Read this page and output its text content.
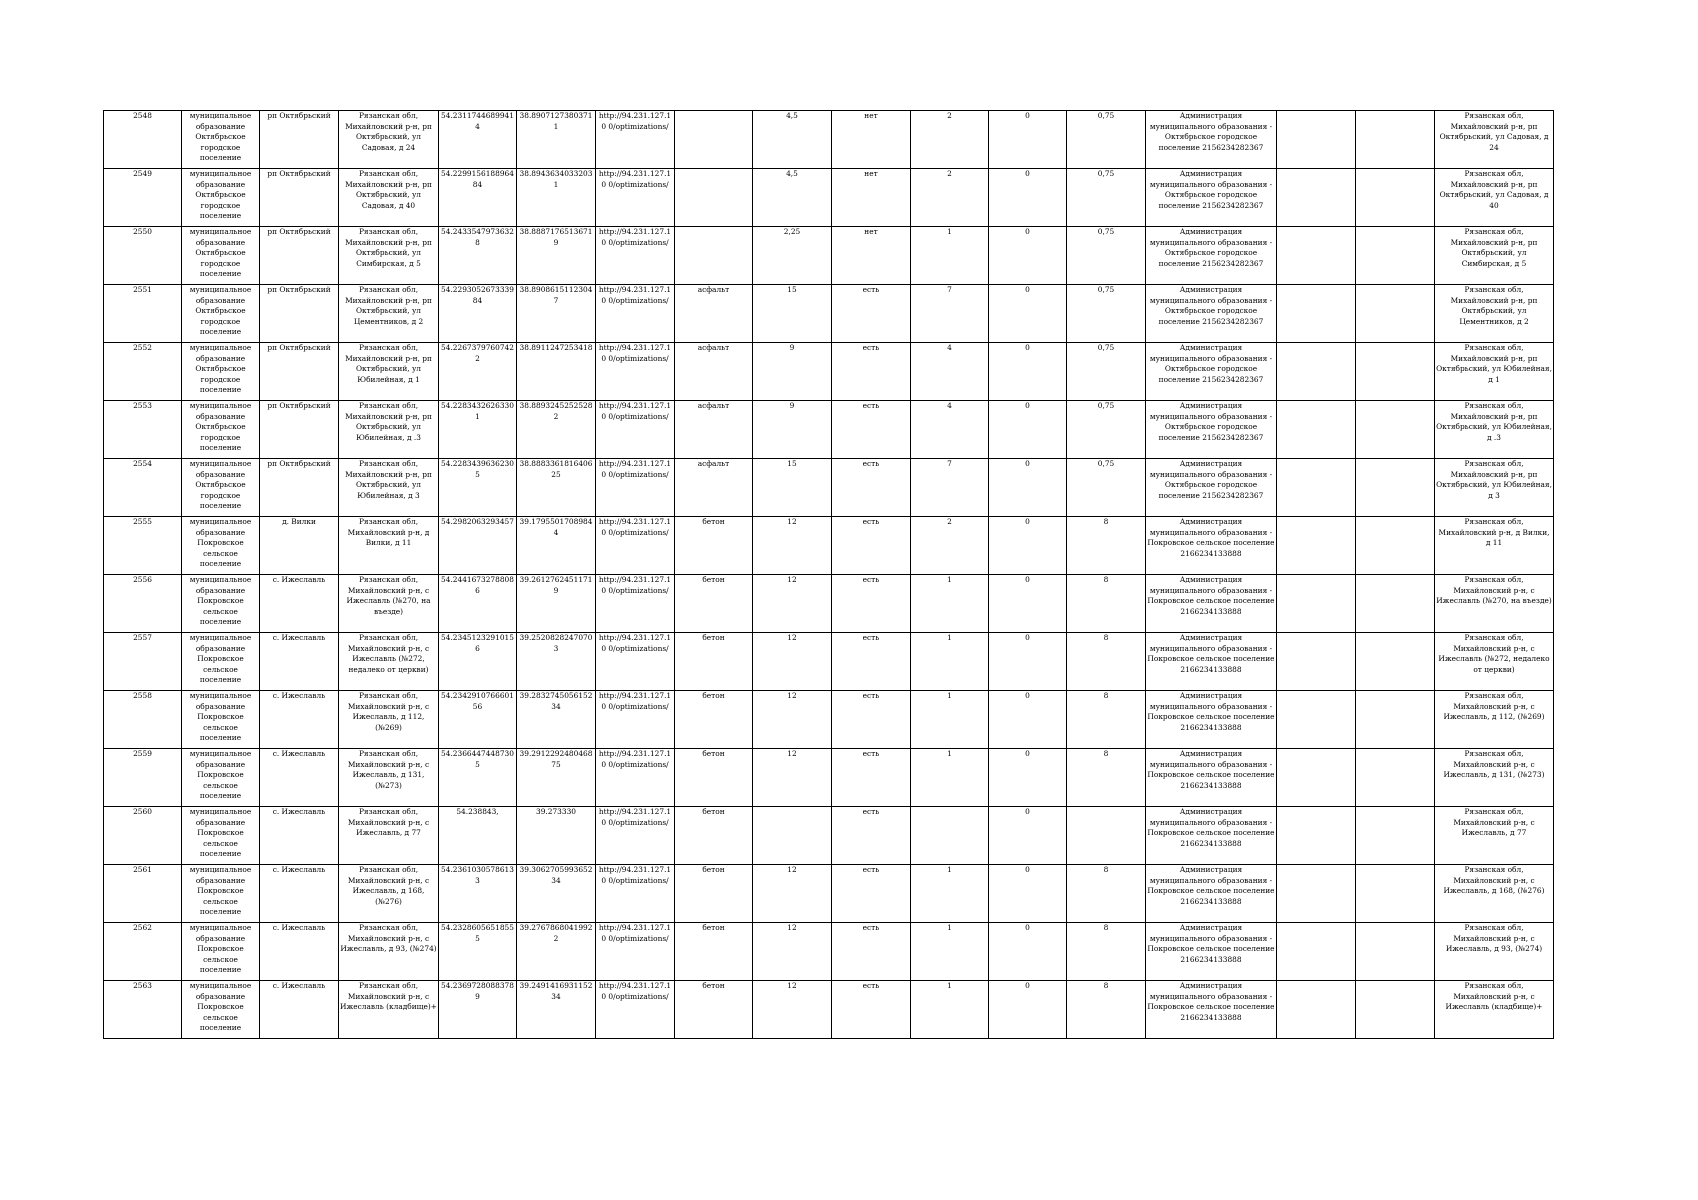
2548	муниципальное образование Октябрьское городское поселение	рп Октябрьский	Рязанская обл, Михайловский р-н, рп Октябрьский, ул Садовая, д 24	54.2311744689941 4	38.8907127380371 1	http://94.231.127.10 0/optimizations/		4,5	нет	2	0	0,75	Администрация муниципального образования - Октябрьское городское поселение 2156234282367			Рязанская обл, Михайловский р-н, рп Октябрьский, ул Садовая, д 24
2549	муниципальное образование Октябрьское городское поселение	рп Октябрьский	Рязанская обл, Михайловский р-н, рп Октябрьский, ул Садовая, д 40	54.2299156188964 84	38.8943634033203 1	http://94.231.127.10 0/optimizations/		4,5	нет	2	0	0,75	Администрация муниципального образования - Октябрьское городское поселение 2156234282367			Рязанская обл, Михайловский р-н, рп Октябрьский, ул Садовая, д 40
2550	муниципальное образование Октябрьское городское поселение	рп Октябрьский	Рязанская обл, Михайловский р-н, рп Октябрьский, ул Симбирская, д 5	54.2433547973632 8	38.8887176513671 9	http://94.231.127.10 0/optimizations/		2,25	нет	1	0	0,75	Администрация муниципального образования - Октябрьское городское поселение 2156234282367			Рязанская обл, Михайловский р-н, рп Октябрьский, ул Симбирская, д 5
2551	муниципальное образование Октябрьское городское поселение	рп Октябрьский	Рязанская обл, Михайловский р-н, рп Октябрьский, ул Цементников, д 2	54.2293052673339 84	38.8908615112304 7	http://94.231.127.10 0/optimizations/	асфальт	15	есть	7	0	0,75	Администрация муниципального образования - Октябрьское городское поселение 2156234282367			Рязанская обл, Михайловский р-н, рп Октябрьский, ул Цементников, д 2
2552	муниципальное образование Октябрьское городское поселение	рп Октябрьский	Рязанская обл, Михайловский р-н, рп Октябрьский, ул Юбилейная, д 1	54.2267379760742 2	38.8911247253418	http://94.231.127.10 0/optimizations/	асфальт	9	есть	4	0	0,75	Администрация муниципального образования - Октябрьское городское поселение 2156234282367			Рязанская обл, Михайловский р-н, рп Октябрьский, ул Юбилейная, д 1
2553	муниципальное образование Октябрьское городское поселение	рп Октябрьский	Рязанская обл, Михайловский р-н, рп Октябрьский, ул Юбилейная, д .3	54.2283432626330 1	38.8893245252528 2	http://94.231.127.10 0/optimizations/	асфальт	9	есть	4	0	0,75	Администрация муниципального образования - Октябрьское городское поселение 2156234282367			Рязанская обл, Михайловский р-н, рп Октябрьский, ул Юбилейная, д .3
2554	муниципальное образование Октябрьское городское поселение	рп Октябрьский	Рязанская обл, Михайловский р-н, рп Октябрьский, ул Юбилейная, д 3	54.2283439636230 5	38.8883361816406 25	http://94.231.127.10 0/optimizations/	асфальт	15	есть	7	0	0,75	Администрация муниципального образования - Октябрьское городское поселение 2156234282367			Рязанская обл, Михайловский р-н, рп Октябрьский, ул Юбилейная, д 3
2555	муниципальное образование Покровское сельское поселение	д. Вилки	Рязанская обл, Михайловский р-н, д Вилки, д 11	54.2982063293457	39.1795501708984 4	http://94.231.127.10 0/optimizations/	бетон	12	есть	2	0	8	Администрация муниципального образования - Покровское сельское поселение 2166234133888			Рязанская обл, Михайловский р-н, д Вилки, д 11
2556	муниципальное образование Покровское сельское поселение	с. Ижеславль	Рязанская обл, Михайловский р-н, с Ижеславль (№270, на въезде)	54.2441673278808 6	39.2612762451171 9	http://94.231.127.10 0/optimizations/	бетон	12	есть	1	0	8	Администрация муниципального образования - Покровское сельское поселение 2166234133888			Рязанская обл, Михайловский р-н, с Ижеславль (№270, на въезде)
2557	муниципальное образование Покровское сельское поселение	с. Ижеславль	Рязанская обл, Михайловский р-н, с Ижеславль (№272, недалеко от церкви)	54.2345123291015 6	39.2520828247070 3	http://94.231.127.10 0/optimizations/	бетон	12	есть	1	0	8	Администрация муниципального образования - Покровское сельское поселение 2166234133888			Рязанская обл, Михайловский р-н, с Ижеславль (№272, недалеко от церкви)
2558	муниципальное образование Покровское сельское поселение	с. Ижеславль	Рязанская обл, Михайловский р-н, с Ижеславль, д 112, (№269)	54.2342910766601 56	39.2832745056152 34	http://94.231.127.10 0/optimizations/	бетон	12	есть	1	0	8	Администрация муниципального образования - Покровское сельское поселение 2166234133888			Рязанская обл, Михайловский р-н, с Ижеславль, д 112, (№269)
2559	муниципальное образование Покровское сельское поселение	с. Ижеславль	Рязанская обл, Михайловский р-н, с Ижеславль, д 131, (№273)	54.2366447448730 5	39.2912292480468 75	http://94.231.127.10 0/optimizations/	бетон	12	есть	1	0	8	Администрация муниципального образования - Покровское сельское поселение 2166234133888			Рязанская обл, Михайловский р-н, с Ижеславль, д 131, (№273)
2560	муниципальное образование Покровское сельское поселение	с. Ижеславль	Рязанская обл, Михайловский р-н, с Ижеславль, д 77	54.238843,	39.273330	http://94.231.127.10 0/optimizations/	бетон		есть		0		Администрация муниципального образования - Покровское сельское поселение 2166234133888			Рязанская обл, Михайловский р-н, с Ижеславль, д 77
2561	муниципальное образование Покровское сельское поселение	с. Ижеславль	Рязанская обл, Михайловский р-н, с Ижеславль, д 168, (№276)	54.2361030578613 3	39.3062705993652 34	http://94.231.127.10 0/optimizations/	бетон	12	есть	1	0	8	Администрация муниципального образования - Покровское сельское поселение 2166234133888			Рязанская обл, Михайловский р-н, с Ижеславль, д 168, (№276)
2562	муниципальное образование Покровское сельское поселение	с. Ижеславль	Рязанская обл, Михайловский р-н, с Ижеславль, д 93, (№274)	54.2328605651855 5	39.2767868041992 2	http://94.231.127.10 0/optimizations/	бетон	12	есть	1	0	8	Администрация муниципального образования - Покровское сельское поселение 2166234133888			Рязанская обл, Михайловский р-н, с Ижеславль, д 93, (№274)
2563	муниципальное образование Покровское сельское поселение	с. Ижеславль	Рязанская обл, Михайловский р-н, с Ижеславль (кладбище)+	54.2369728088378 9	39.2491416931152 34	http://94.231.127.10 0/optimizations/	бетон	12	есть	1	0	8	Администрация муниципального образования - Покровское сельское поселение 2166234133888			Рязанская обл, Михайловский р-н, с Ижеславль (кладбище)+
